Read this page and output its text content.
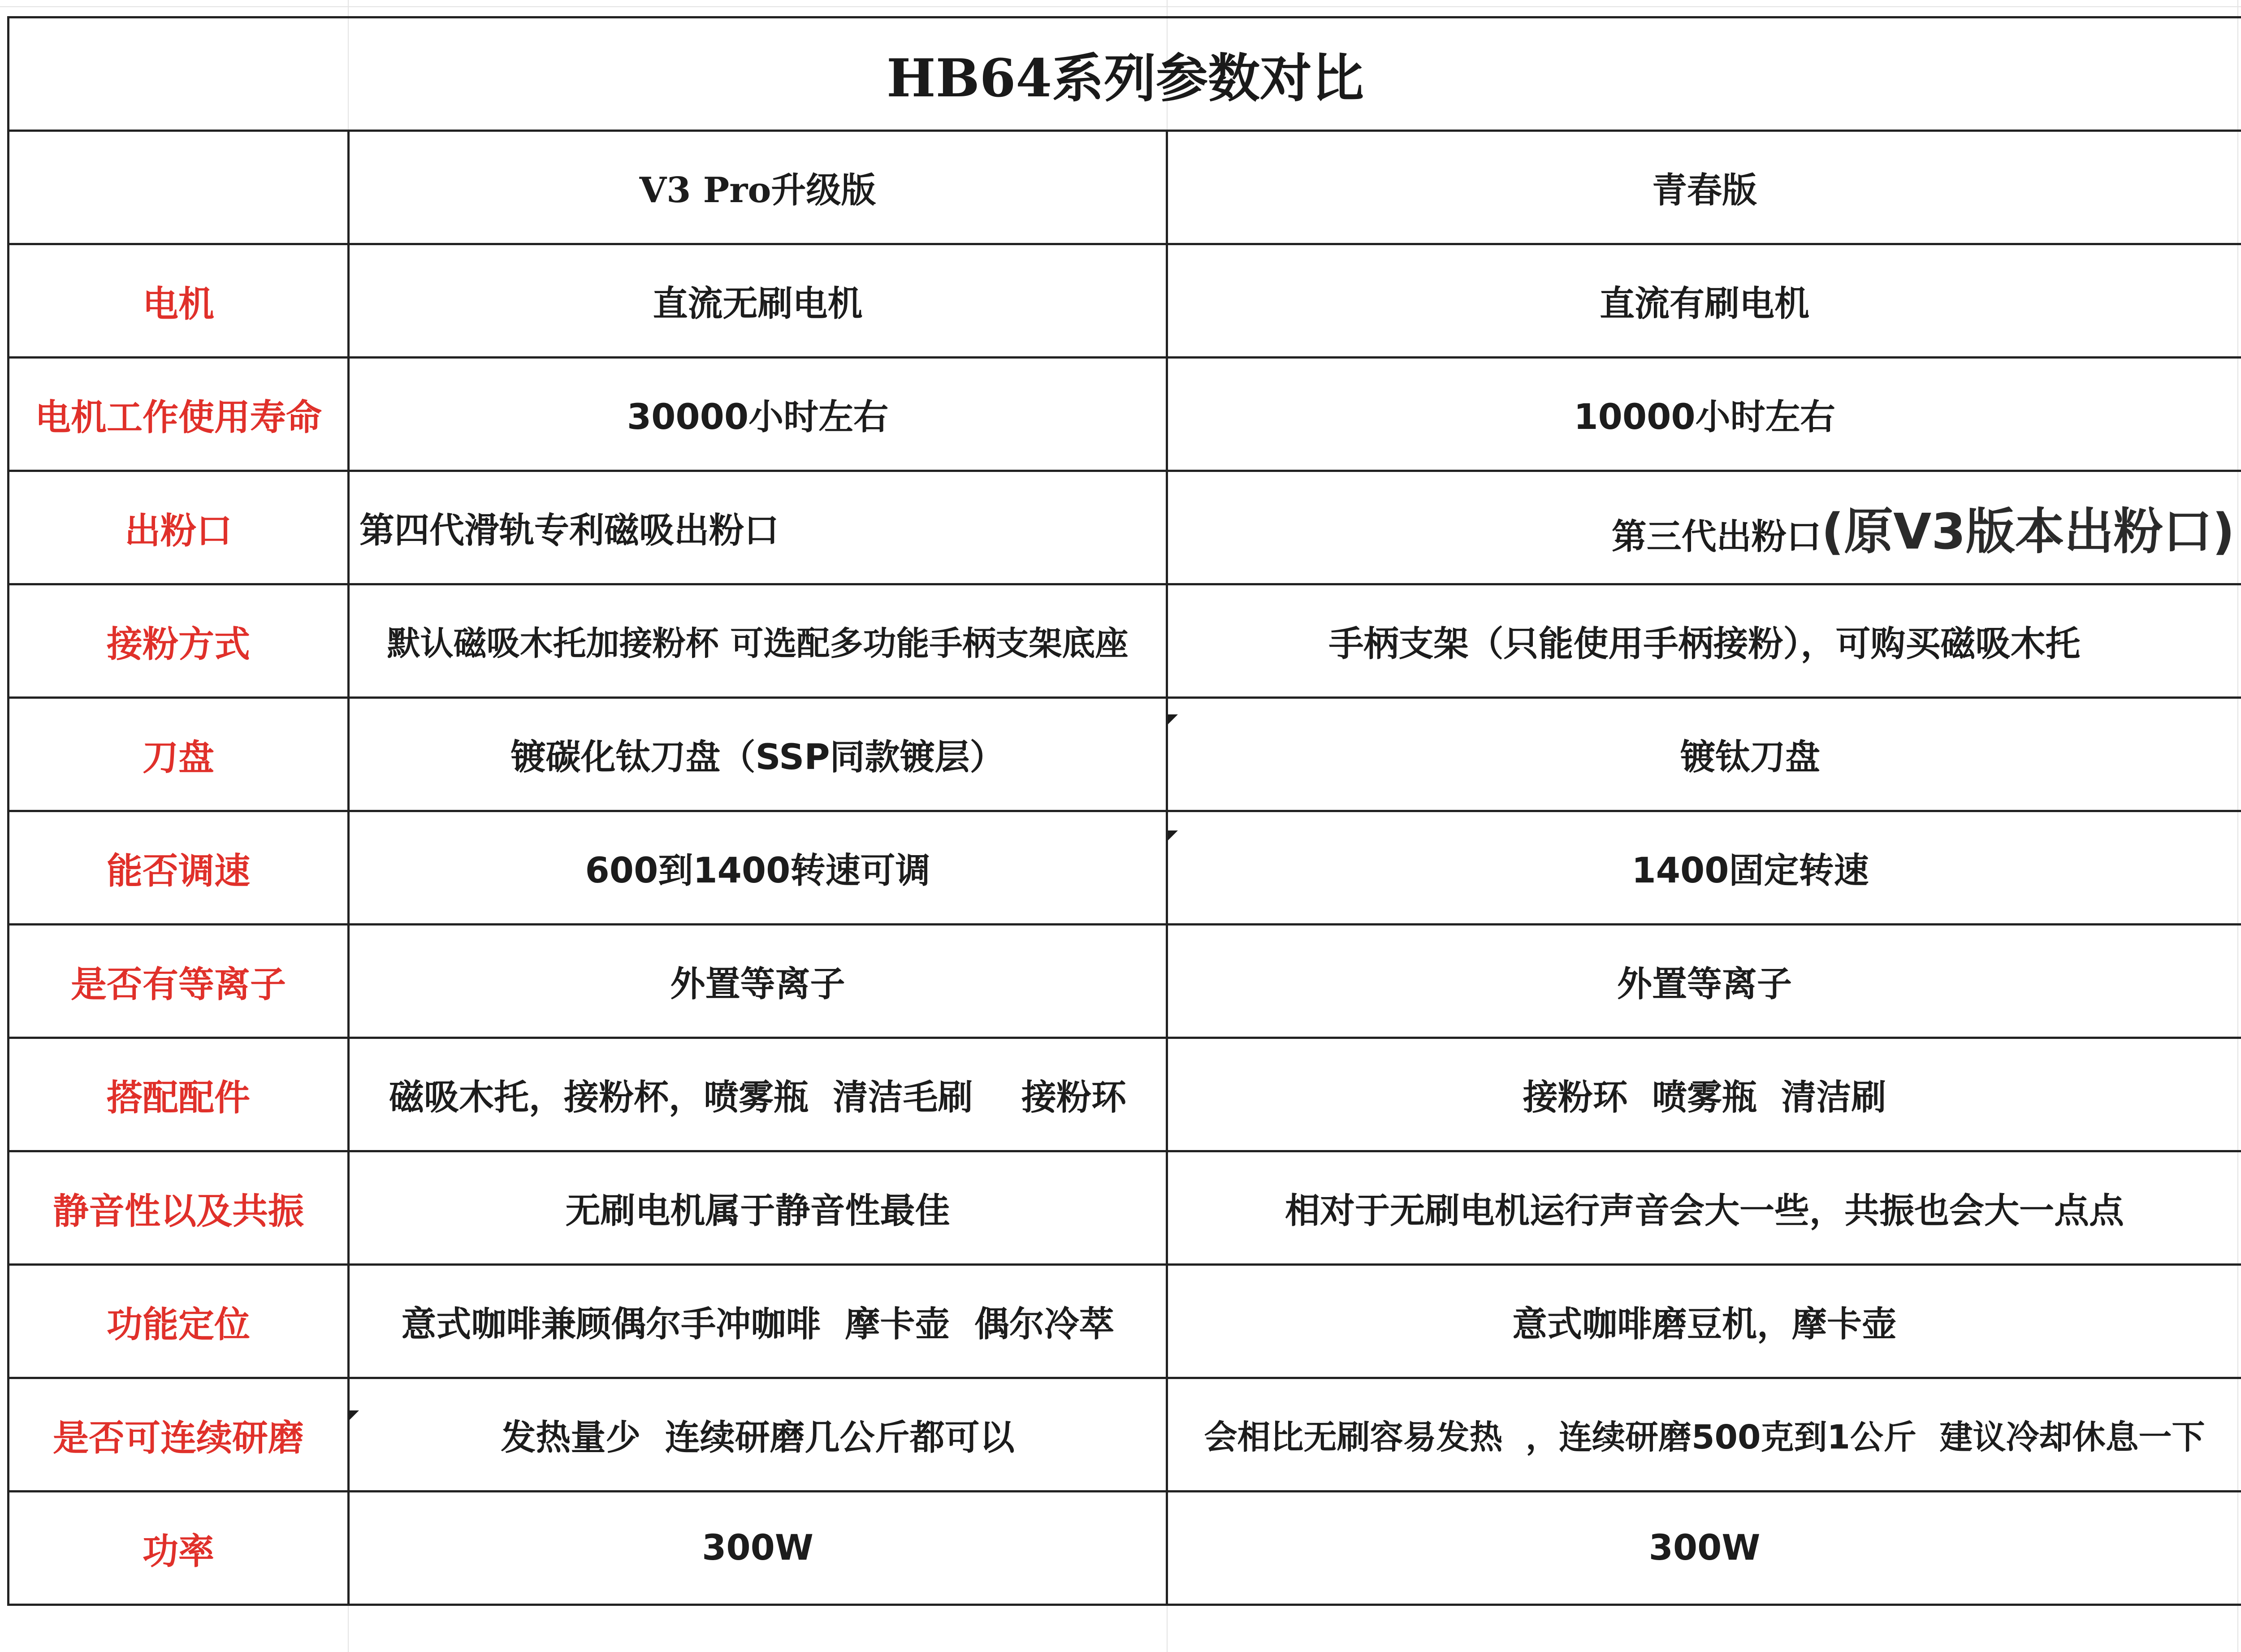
HB64系列参数对比		
	V3 Pro升级版	青春版
电机	直流无刷电机	直流有刷电机
电机工作使用寿命	30000小时左右	10000小时左右
出粉口	第四代滑轨专利磁吸出粉口	第三代出粉口(原V3版本出粉口)
接粉方式	默认磁吸木托加接粉杯 可选配多功能手柄支架底座	手柄支架（只能使用手柄接粉），可购买磁吸木托
刀盘	镀碳化钛刀盘（SSP同款镀层）	镀钛刀盘
能否调速	600到1400转速可调	1400固定转速
是否有等离子	外置等离子	外置等离子
搭配配件	磁吸木托，接粉杯，喷雾瓶  清洁毛刷    接粉环	接粉环  喷雾瓶  清洁刷
静音性以及共振	无刷电机属于静音性最佳	相对于无刷电机运行声音会大一些，共振也会大一点点
功能定位	意式咖啡兼顾偶尔手冲咖啡  摩卡壶  偶尔冷萃	意式咖啡磨豆机，摩卡壶
是否可连续研磨	发热量少  连续研磨几公斤都可以	会相比无刷容易发热  ，连续研磨500克到1公斤  建议冷却休息一下
功率	300W	300W
